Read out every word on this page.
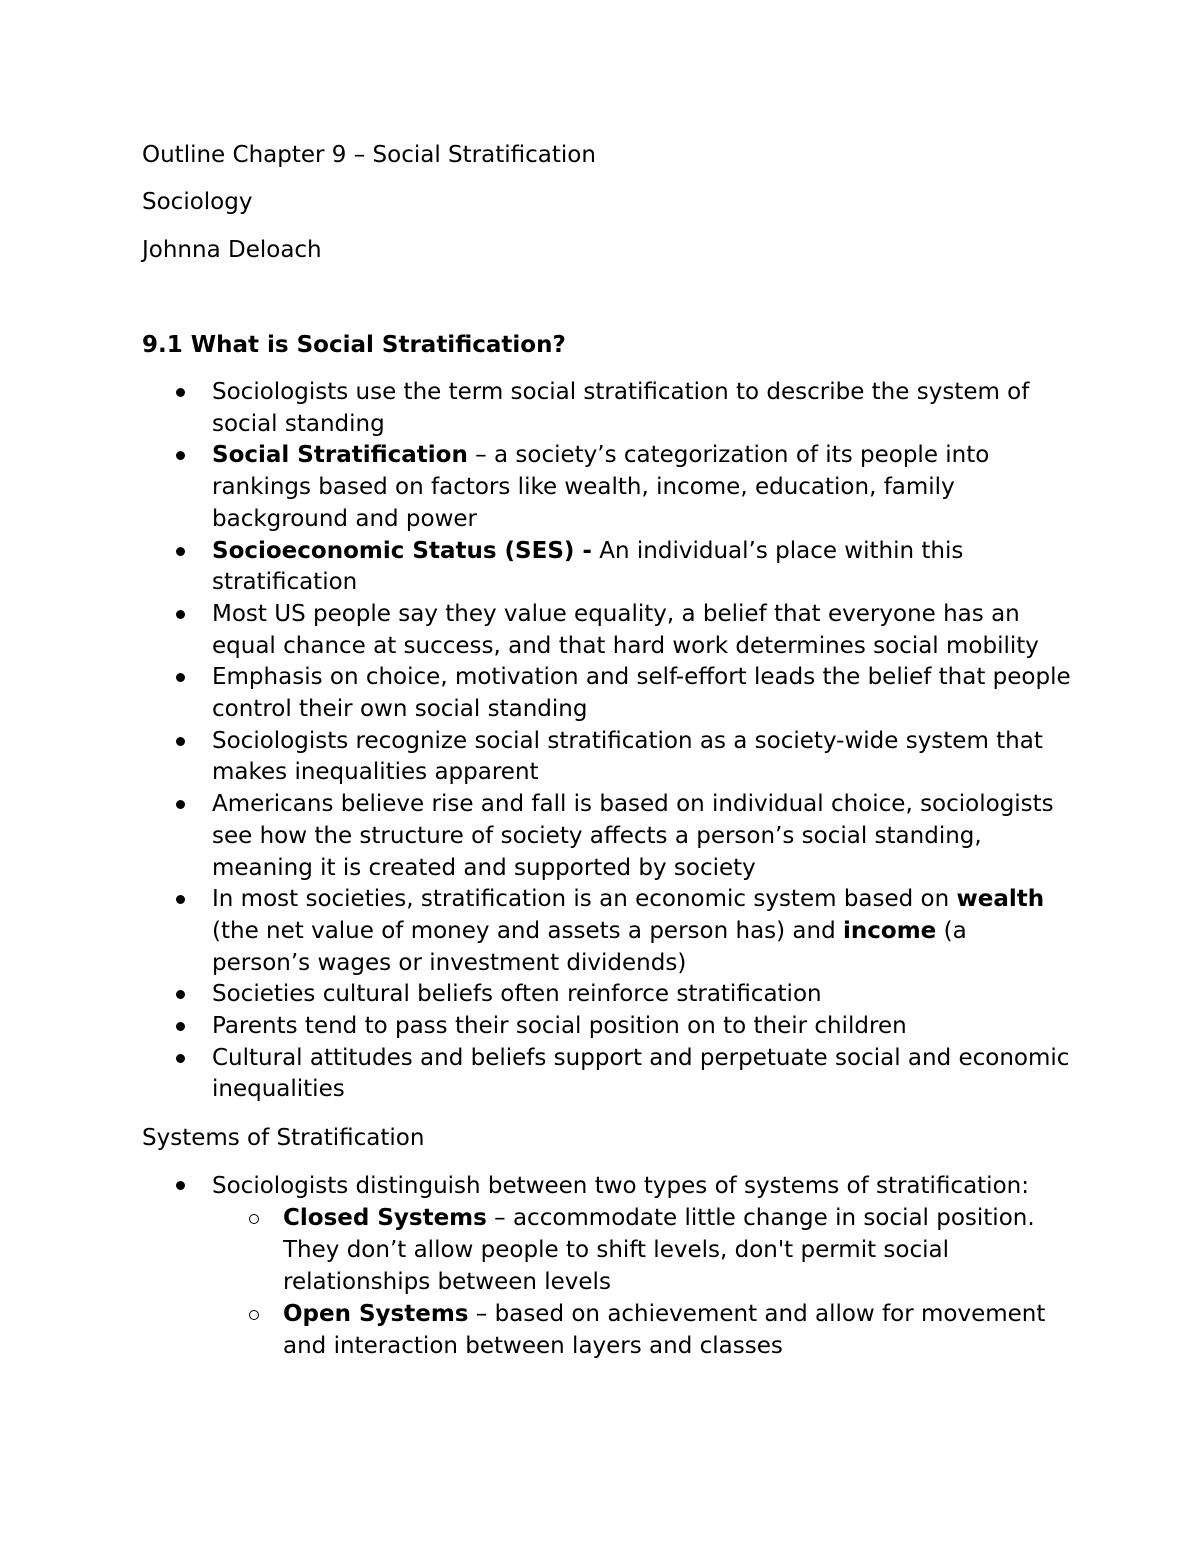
Outline Chapter 9 – Social Stratification

Sociology

Johnna Deloach

9.1 What is Social Stratification?

Sociologists use the term social stratification to describe the system of social standing
Social Stratification – a society’s categorization of its people into rankings based on factors like wealth, income, education, family background and power
Socioeconomic Status (SES) - An individual’s place within this stratification
Most US people say they value equality, a belief that everyone has an equal chance at success, and that hard work determines social mobility
Emphasis on choice, motivation and self-effort leads the belief that people control their own social standing
Sociologists recognize social stratification as a society-wide system that makes inequalities apparent
Americans believe rise and fall is based on individual choice, sociologists see how the structure of society affects a person’s social standing, meaning it is created and supported by society
In most societies, stratification is an economic system based on wealth (the net value of money and assets a person has) and income (a person’s wages or investment dividends)
Societies cultural beliefs often reinforce stratification
Parents tend to pass their social position on to their children
Cultural attitudes and beliefs support and perpetuate social and economic inequalities

Systems of Stratification

Sociologists distinguish between two types of systems of stratification:
Closed Systems – accommodate little change in social position. They don’t allow people to shift levels, don't permit social relationships between levels
Open Systems – based on achievement and allow for movement and interaction between layers and classes
